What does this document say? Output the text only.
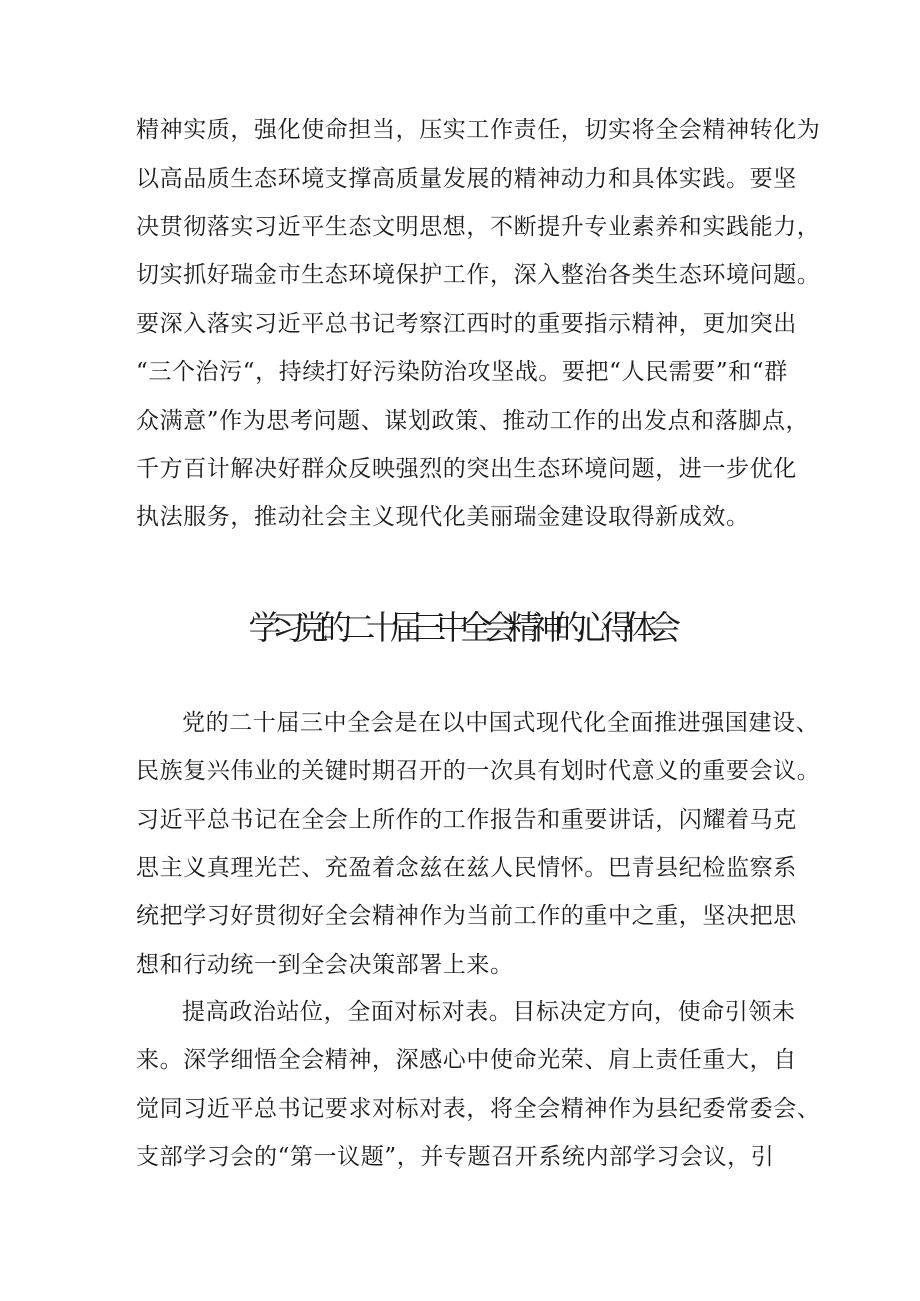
精神实质，强化使命担当，压实工作责任，切实将全会精神转化为
以高品质生态环境支撑高质量发展的精神动力和具体实践。要坚
决贯彻落实习近平生态文明思想，不断提升专业素养和实践能力，
切实抓好瑞金市生态环境保护工作，深入整治各类生态环境问题。
要深入落实习近平总书记考察江西时的重要指示精神，更加突出
“三个治污“，持续打好污染防治攻坚战。要把“人民需要”和“群
众满意”作为思考问题、谋划政策、推动工作的出发点和落脚点，
千方百计解决好群众反映强烈的突出生态环境问题，进一步优化
执法服务，推动社会主义现代化美丽瑞金建设取得新成效。
学习党的二十届三中全会精神的心得体会
党的二十届三中全会是在以中国式现代化全面推进强国建设、
民族复兴伟业的关键时期召开的一次具有划时代意义的重要会议。
习近平总书记在全会上所作的工作报告和重要讲话，闪耀着马克
思主义真理光芒、充盈着念兹在兹人民情怀。巴青县纪检监察系
统把学习好贯彻好全会精神作为当前工作的重中之重，坚决把思
想和行动统一到全会决策部署上来。
提高政治站位，全面对标对表。目标决定方向，使命引领未
来。深学细悟全会精神，深感心中使命光荣、肩上责任重大，自
觉同习近平总书记要求对标对表，将全会精神作为县纪委常委会、
支部学习会的“第一议题”，并专题召开系统内部学习会议，引
